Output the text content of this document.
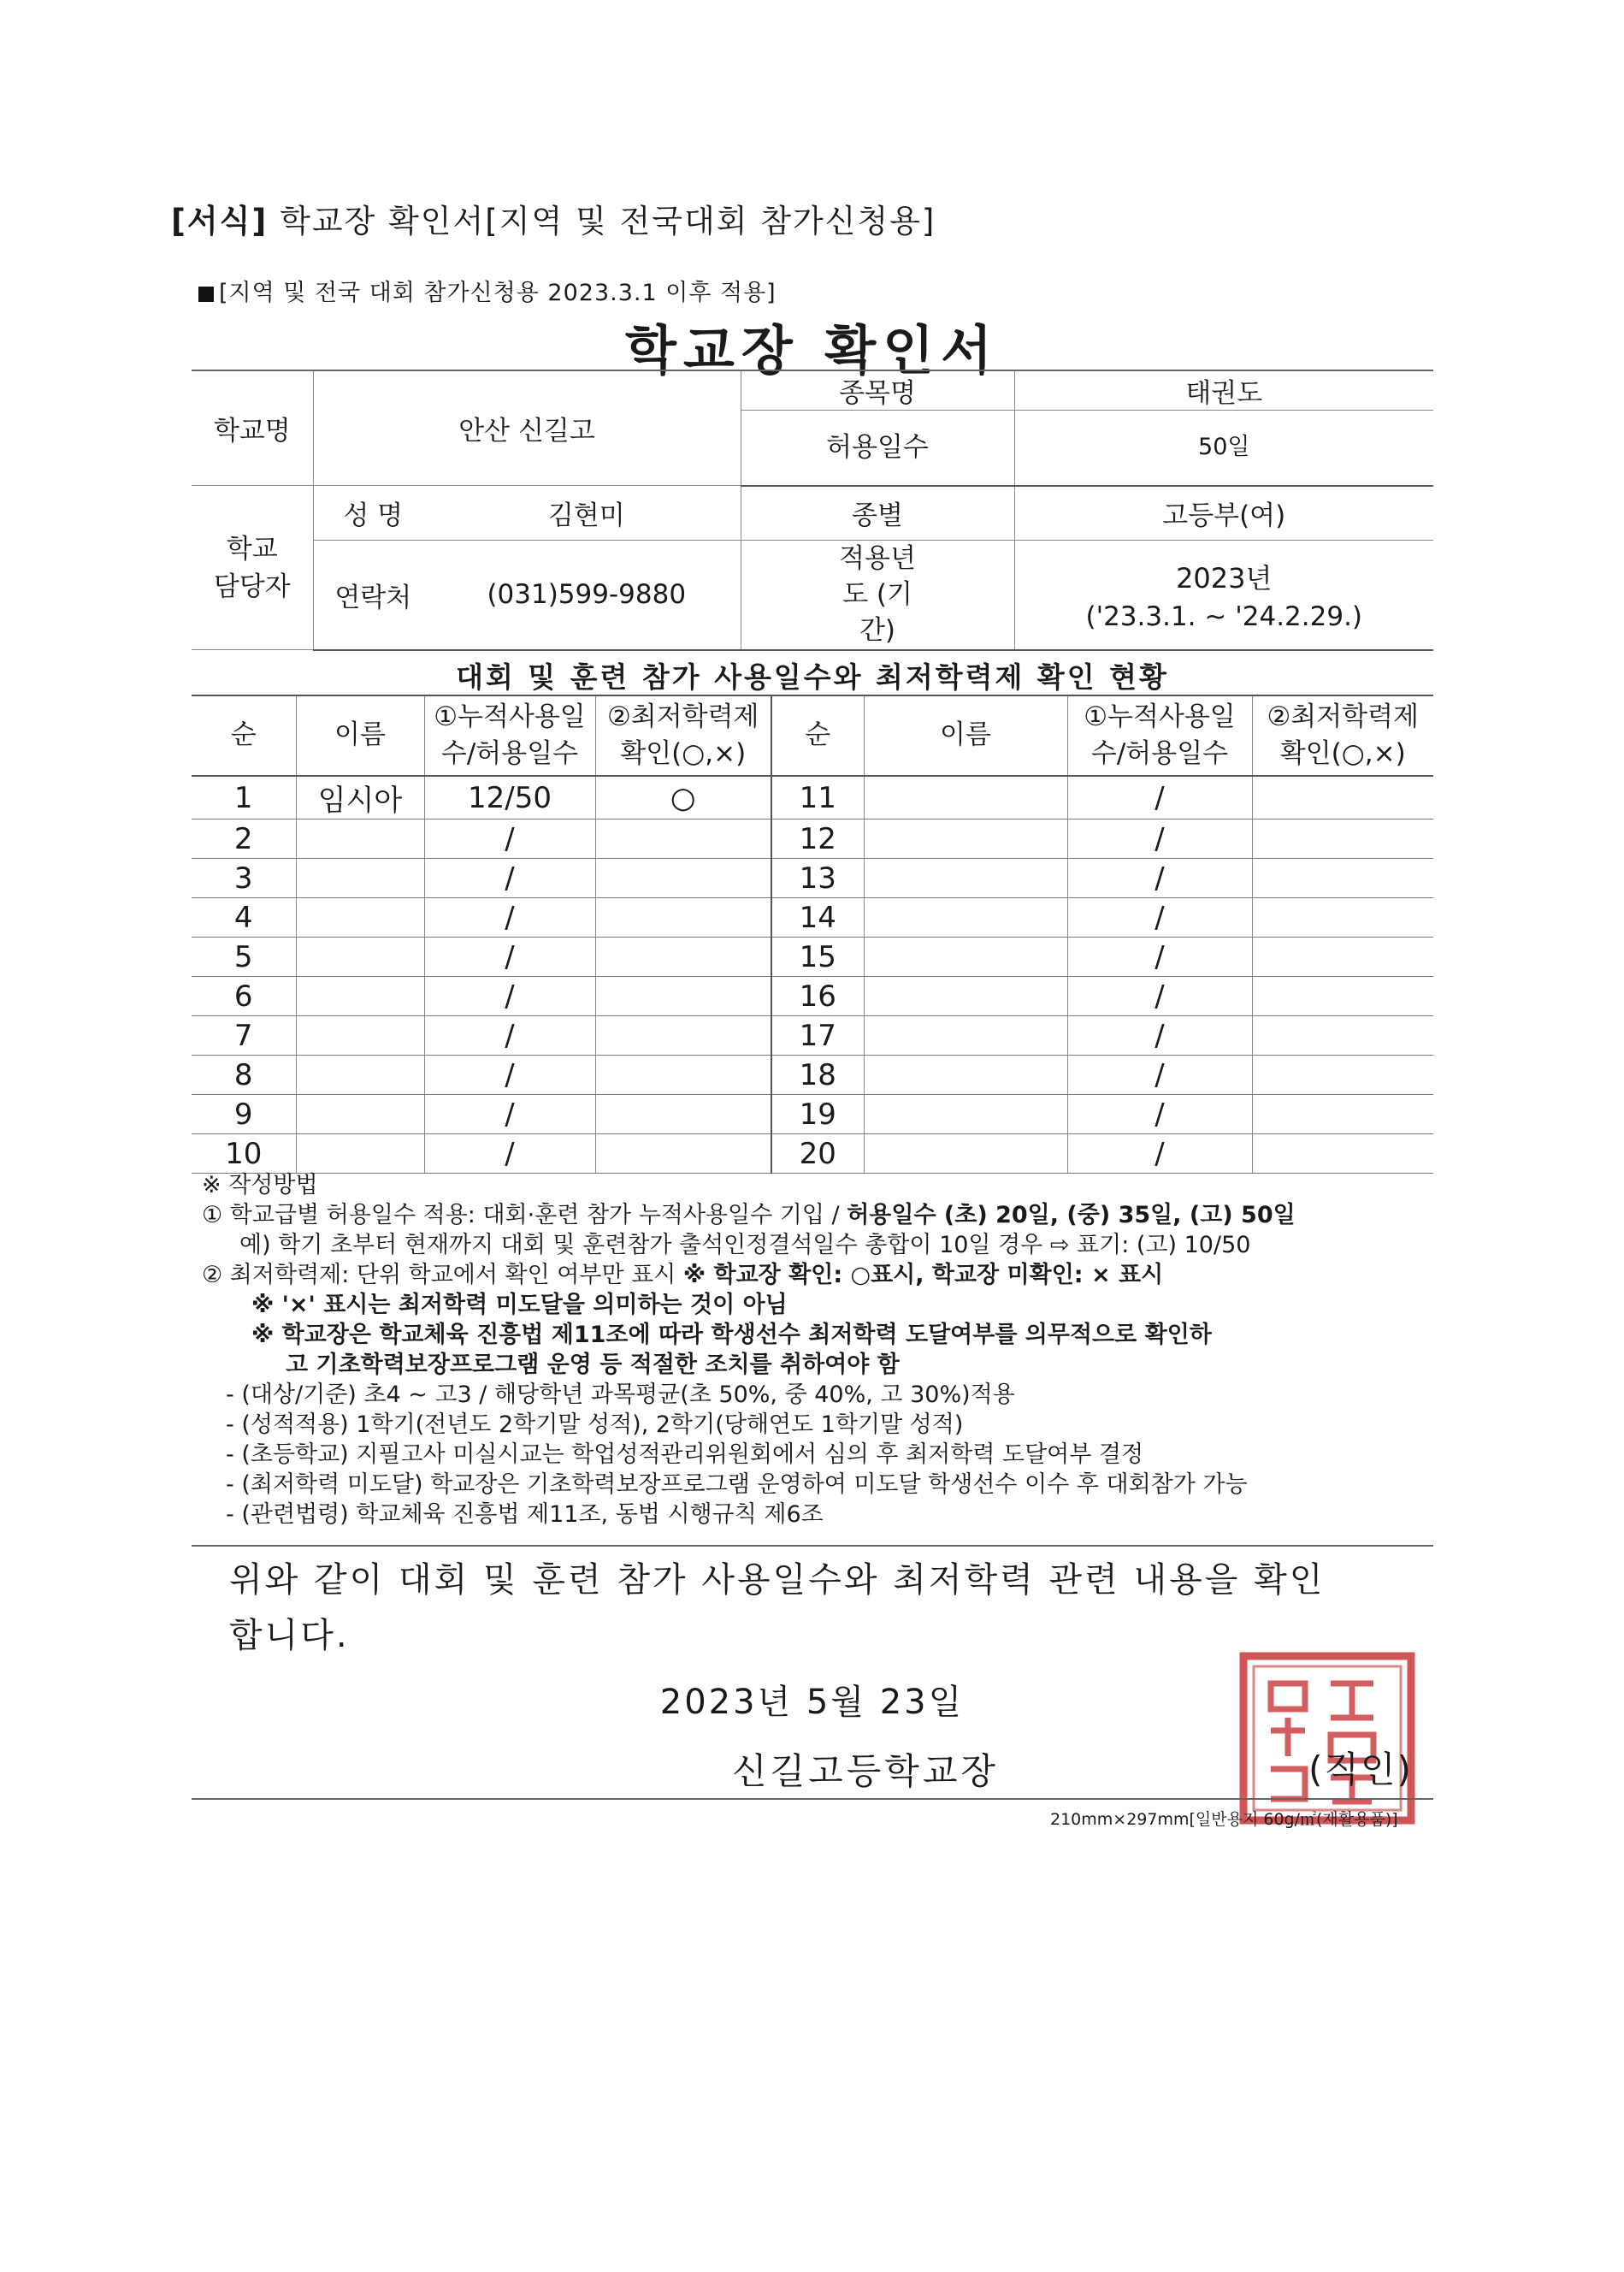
[서식] 학교장 확인서[지역 및 전국대회 참가신청용]
[지역 및 전국 대회 참가신청용 2023.3.1 이후 적용]
학교장 확인서
학교명	안산 신길고		종목명	태권도

			허용일수	50일

학교 담당자	성 명	김현미	종별	고등부(여)
	연락처	(031)599-9880	적용년도 (기간)	2023년
('23.3.1. ~ '24.2.29.)
대회 및 훈련 참가 사용일수와 최저학력제 확인 현황
순	이름	①누적사용일수/허용일수	②최저학력제 확인(○,×)	순	이름	①누적사용일수/허용일수	②최저학력제 확인(○,×)

1	임시아	12/50	○	11		/	
2		/		12		/	
3		/		13		/	
4		/		14		/	
5		/		15		/	
6		/		16		/	
7		/		17		/	
8		/		18		/	
9		/		19		/	
10		/		20		/	
※ 작성방법
① 학교급별 허용일수 적용: 대회·훈련 참가 누적사용일수 기입 / 허용일수 (초) 20일, (중) 35일, (고) 50일
예) 학기 초부터 현재까지 대회 및 훈련참가 출석인정결석일수 총합이 10일 경우 ⇨ 표기: (고) 10/50
② 최저학력제: 단위 학교에서 확인 여부만 표시 ※ 학교장 확인: ○표시, 학교장 미확인: × 표시
※ '×' 표시는 최저학력 미도달을 의미하는 것이 아님
※ 학교장은 학교체육 진흥법 제11조에 따라 학생선수 최저학력 도달여부를 의무적으로 확인하
고 기초학력보장프로그램 운영 등 적절한 조치를 취하여야 함
- (대상/기준) 초4 ~ 고3 / 해당학년 과목평균(초 50%, 중 40%, 고 30%)적용
- (성적적용) 1학기(전년도 2학기말 성적), 2학기(당해연도 1학기말 성적)
- (초등학교) 지필고사 미실시교는 학업성적관리위원회에서 심의 후 최저학력 도달여부 결정
- (최저학력 미도달) 학교장은 기초학력보장프로그램 운영하여 미도달 학생선수 이수 후 대회참가 가능
- (관련법령) 학교체육 진흥법 제11조, 동법 시행규칙 제6조
위와 같이 대회 및 훈련 참가 사용일수와 최저학력 관련 내용을 확인
합니다.
2023년 5월 23일
신길고등학교장	(직인)
210mm×297mm[일반용지 60g/㎡(재활용품)]
